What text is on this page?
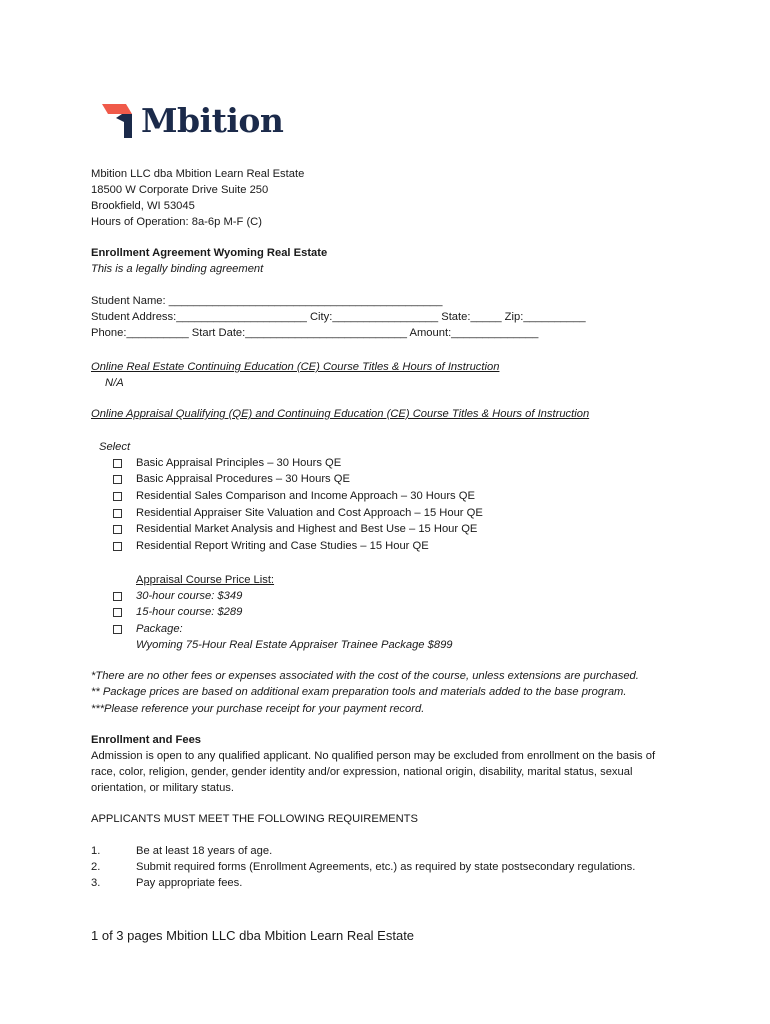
Mbition
Mbition LLC dba Mbition Learn Real Estate
18500 W Corporate Drive Suite 250
Brookfield, WI 53045
Hours of Operation: 8a-6p M-F (C)
Enrollment Agreement Wyoming Real Estate
This is a legally binding agreement
Student Name: ____________________________________________
Student Address:_____________________ City:_________________ State:_____ Zip:__________
Phone:__________ Start Date:__________________________ Amount:______________
Online Real Estate Continuing Education (CE) Course Titles & Hours of Instruction
N/A
Online Appraisal Qualifying (QE) and Continuing Education (CE) Course Titles & Hours of Instruction
Select
Basic Appraisal Principles – 30 Hours QE
Basic Appraisal Procedures – 30 Hours QE
Residential Sales Comparison and Income Approach – 30 Hours QE
Residential Appraiser Site Valuation and Cost Approach – 15 Hour QE
Residential Market Analysis and Highest and Best Use – 15 Hour QE
Residential Report Writing and Case Studies – 15 Hour QE
Appraisal Course Price List:
30-hour course: $349
15-hour course: $289
Package:
Wyoming 75-Hour Real Estate Appraiser Trainee Package $899
*There are no other fees or expenses associated with the cost of the course, unless extensions are purchased.
** Package prices are based on additional exam preparation tools and materials added to the base program.
***Please reference your purchase receipt for your payment record.
Enrollment and Fees
Admission is open to any qualified applicant. No qualified person may be excluded from enrollment on the basis of race, color, religion, gender, gender identity and/or expression, national origin, disability, marital status, sexual orientation, or military status.
APPLICANTS MUST MEET THE FOLLOWING REQUIREMENTS
1.	Be at least 18 years of age.
2.	Submit required forms (Enrollment Agreements, etc.) as required by state postsecondary regulations.
3.	Pay appropriate fees.
1 of 3 pages Mbition LLC dba Mbition Learn Real Estate
